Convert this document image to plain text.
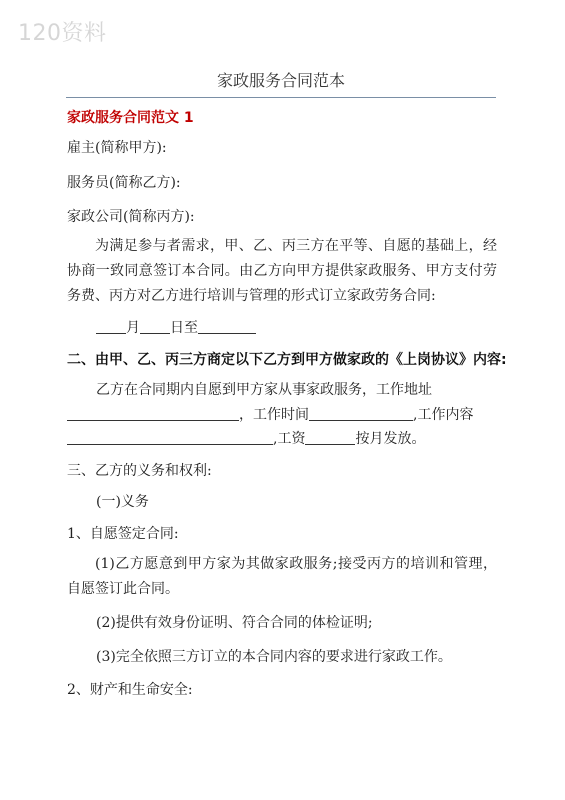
120资料
家政服务合同范本
家政服务合同范文 1
雇主(简称甲方):
服务员(简称乙方):
家政公司(简称丙方):
为满足参与者需求，甲、乙、丙三方在平等、自愿的基础上，经协商一致同意签订本合同。由乙方向甲方提供家政服务、甲方支付劳务费、丙方对乙方进行培训与管理的形式订立家政劳务合同:
月 日至
二、由甲、乙、丙三方商定以下乙方到甲方做家政的《上岗协议》内容:
乙方在合同期内自愿到甲方家从事家政服务，工作地址
，工作时间	,工作内容
,工资	按月发放。
三、乙方的义务和权利:
(一)义务
1、自愿签定合同:
(1)乙方愿意到甲方家为其做家政服务;接受丙方的培训和管理，自愿签订此合同。
(2)提供有效身份证明、符合合同的体检证明;
(3)完全依照三方订立的本合同内容的要求进行家政工作。
2、财产和生命安全:
